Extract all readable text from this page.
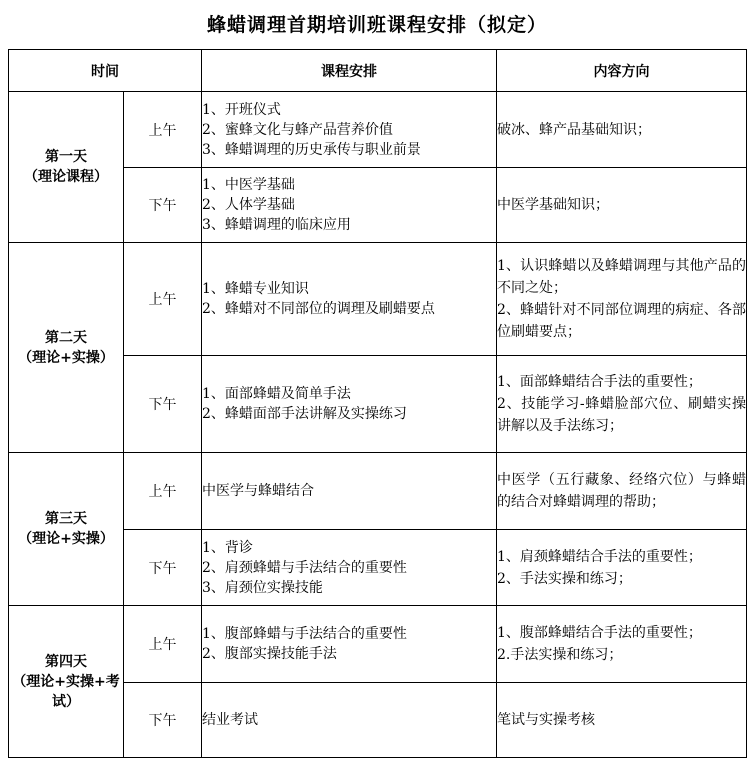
蜂蜡调理首期培训班课程安排（拟定）
时间		课程安排	内容方向

第一天
（理论课程）	上午	1、开班仪式
2、蜜蜂文化与蜂产品营养价值
3、蜂蜡调理的历史承传与职业前景	破冰、蜂产品基础知识；

	下午	1、中医学基础
2、人体学基础
3、蜂蜡调理的临床应用	中医学基础知识；

第二天
（理论+实操）	上午	1、蜂蜡专业知识
2、蜂蜡对不同部位的调理及刷蜡要点	1、认识蜂蜡以及蜂蜡调理与其他产品的不同之处；
2、蜂蜡针对不同部位调理的病症、各部位刷蜡要点；

	下午	1、面部蜂蜡及简单手法
2、蜂蜡面部手法讲解及实操练习	1、面部蜂蜡结合手法的重要性；
2、技能学习-蜂蜡脸部穴位、刷蜡实操讲解以及手法练习；

第三天
（理论+实操）	上午	中医学与蜂蜡结合	中医学（五行藏象、经络穴位）与蜂蜡的结合对蜂蜡调理的帮助；

	下午	1、背诊
2、肩颈蜂蜡与手法结合的重要性
3、肩颈位实操技能	1、肩颈蜂蜡结合手法的重要性；
2、手法实操和练习；

第四天
（理论+实操+考试）	上午	1、腹部蜂蜡与手法结合的重要性
2、腹部实操技能手法	1、腹部蜂蜡结合手法的重要性；
2.手法实操和练习；

	下午	结业考试	笔试与实操考核
